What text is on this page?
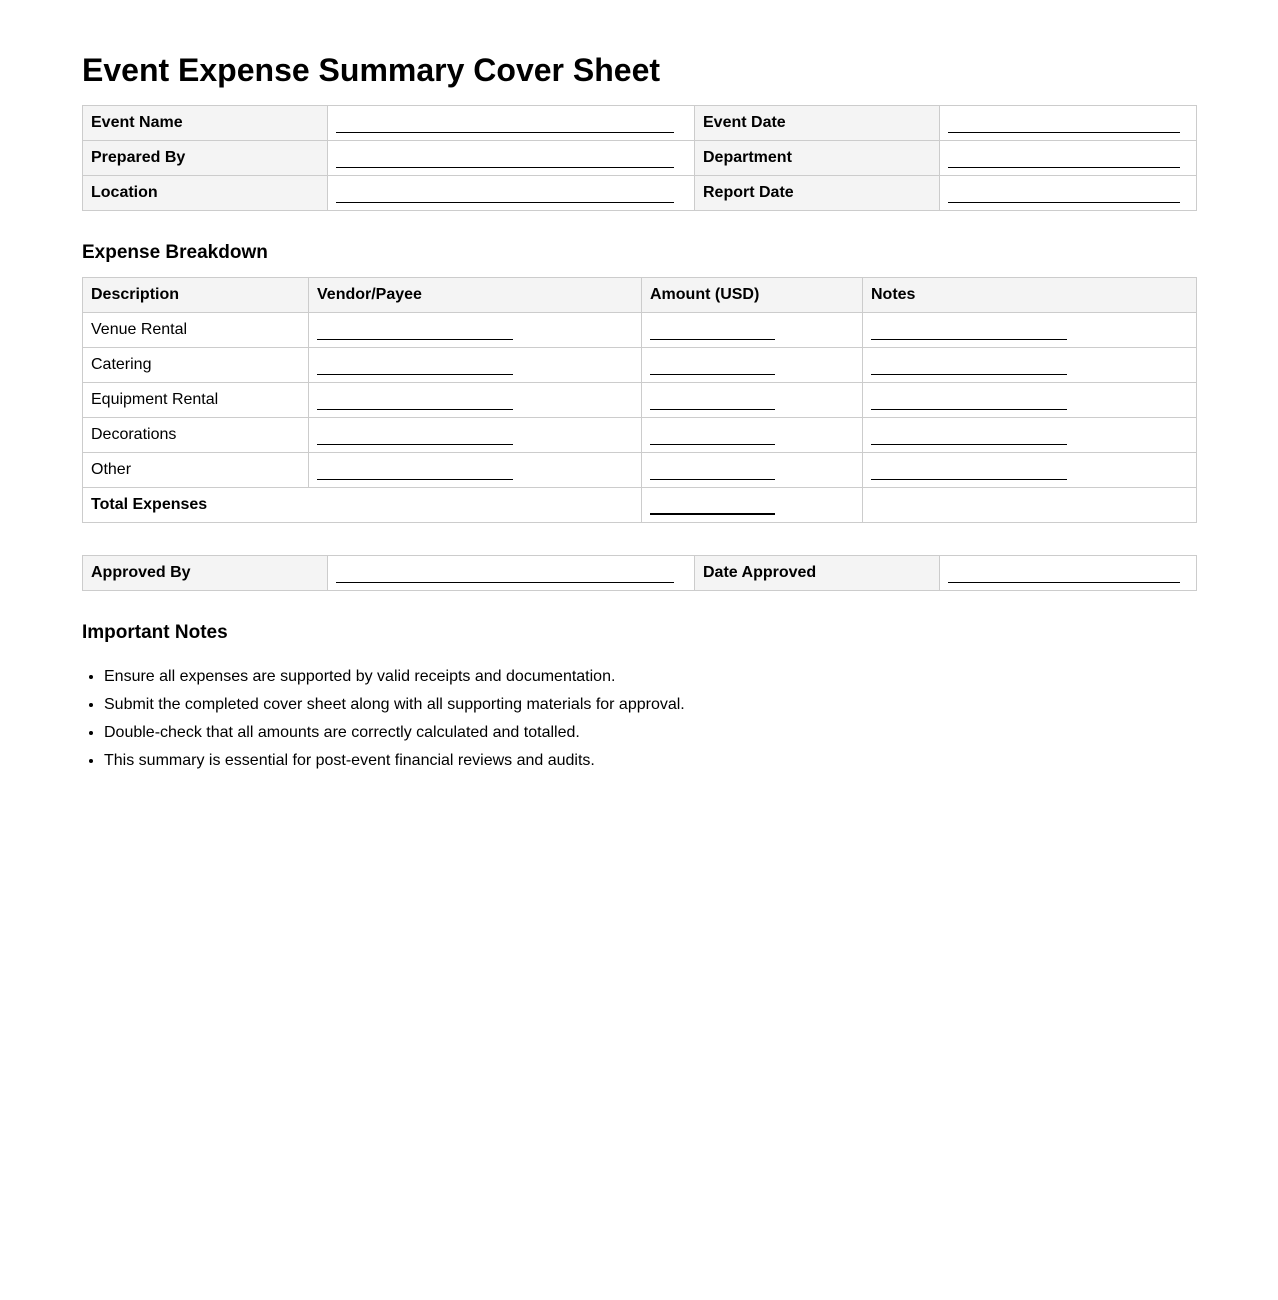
Event Expense Summary Cover Sheet
Event Name		Event Date	

Prepared By		Department	

Location		Report Date	
Expense Breakdown
Description	Vendor/Payee	Amount (USD)	Notes
Venue Rental	

Catering	

Equipment Rental	

Decorations	

Other	

Total Expenses		

Approved By		Date Approved	
Important Notes
• Ensure all expenses are supported by valid receipts and documentation.
• Submit the completed cover sheet along with all supporting materials for approval.
• Double-check that all amounts are correctly calculated and totalled.
• This summary is essential for post-event financial reviews and audits.
